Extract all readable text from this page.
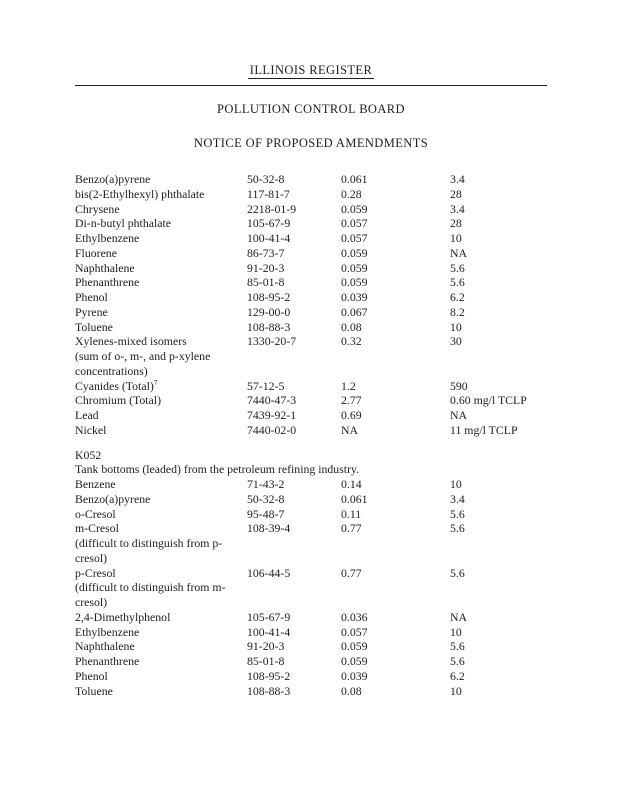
ILLINOIS REGISTER
POLLUTION CONTROL BOARD
NOTICE OF PROPOSED AMENDMENTS
Benzo(a)pyrene	50-32-8	0.061	3.4
bis(2-Ethylhexyl) phthalate	117-81-7	0.28	28
Chrysene	2218-01-9	0.059	3.4
Di-n-butyl phthalate	105-67-9	0.057	28
Ethylbenzene	100-41-4	0.057	10
Fluorene	86-73-7	0.059	NA
Naphthalene	91-20-3	0.059	5.6
Phenanthrene	85-01-8	0.059	5.6
Phenol	108-95-2	0.039	6.2
Pyrene	129-00-0	0.067	8.2
Toluene	108-88-3	0.08	10
Xylenes-mixed isomers	1330-20-7	0.32	30
(sum of o-, m-, and p-xylene
concentrations)
Cyanides (Total)$^7$	57-12-5	1.2	590
Chromium (Total)	7440-47-3	2.77	0.60 mg/l TCLP
Lead	7439-92-1	0.69	NA
Nickel	7440-02-0	NA	11 mg/l TCLP
K052
Tank bottoms (leaded) from the petroleum refining industry.
Benzene	71-43-2	0.14	10
Benzo(a)pyrene	50-32-8	0.061	3.4
o-Cresol	95-48-7	0.11	5.6
m-Cresol	108-39-4	0.77	5.6
(difficult to distinguish from p-
cresol)
p-Cresol	106-44-5	0.77	5.6
(difficult to distinguish from m-
cresol)
2,4-Dimethylphenol	105-67-9	0.036	NA
Ethylbenzene	100-41-4	0.057	10
Naphthalene	91-20-3	0.059	5.6
Phenanthrene	85-01-8	0.059	5.6
Phenol	108-95-2	0.039	6.2
Toluene	108-88-3	0.08	10
